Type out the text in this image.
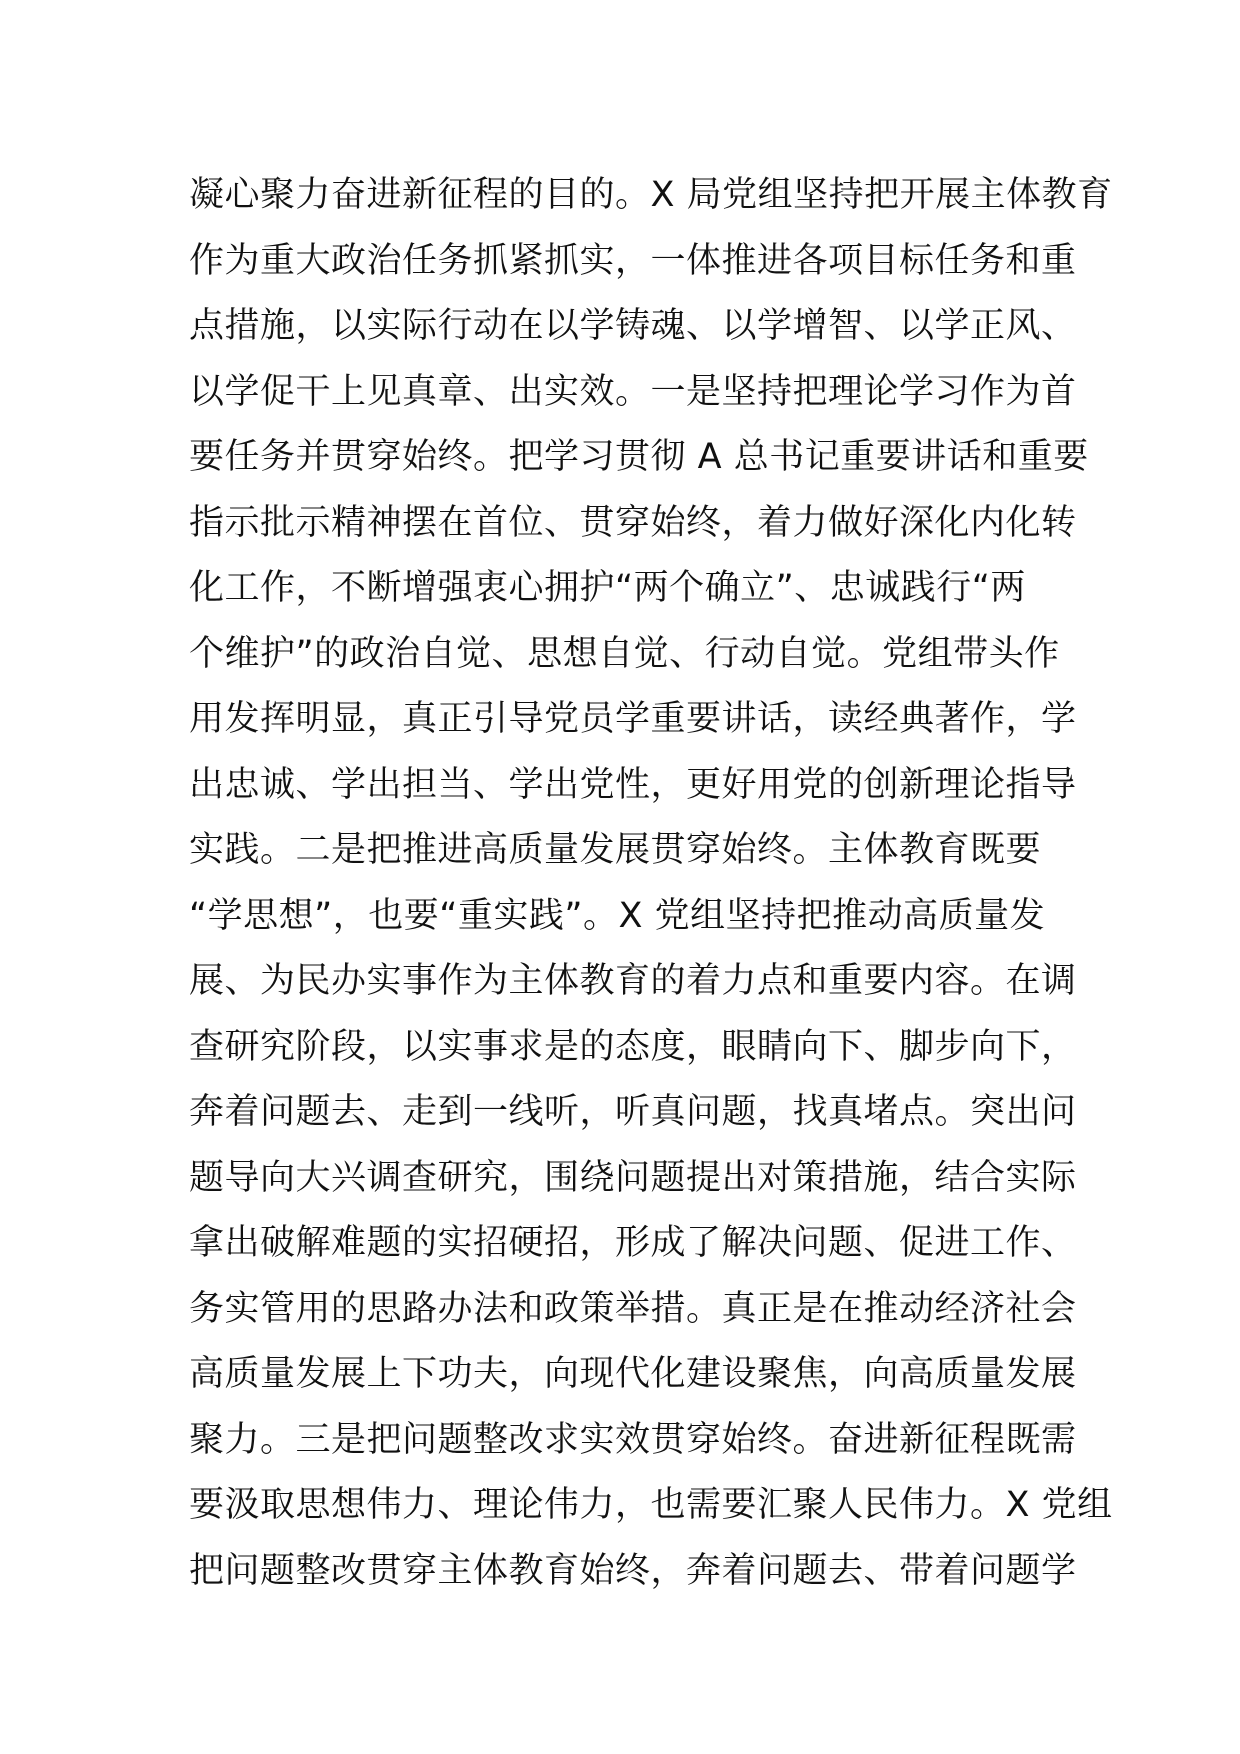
凝心聚力奋进新征程的目的。X 局党组坚持把开展主体教育
作为重大政治任务抓紧抓实，一体推进各项目标任务和重
点措施，以实际行动在以学铸魂、以学增智、以学正风、
以学促干上见真章、出实效。一是坚持把理论学习作为首
要任务并贯穿始终。把学习贯彻 A 总书记重要讲话和重要
指示批示精神摆在首位、贯穿始终，着力做好深化内化转
化工作，不断增强衷心拥护“两个确立”、忠诚践行“两
个维护”的政治自觉、思想自觉、行动自觉。党组带头作
用发挥明显，真正引导党员学重要讲话，读经典著作，学
出忠诚、学出担当、学出党性，更好用党的创新理论指导
实践。二是把推进高质量发展贯穿始终。主体教育既要
“学思想”，也要“重实践”。X 党组坚持把推动高质量发
展、为民办实事作为主体教育的着力点和重要内容。在调
查研究阶段，以实事求是的态度，眼睛向下、脚步向下，
奔着问题去、走到一线听，听真问题，找真堵点。突出问
题导向大兴调查研究，围绕问题提出对策措施，结合实际
拿出破解难题的实招硬招，形成了解决问题、促进工作、
务实管用的思路办法和政策举措。真正是在推动经济社会
高质量发展上下功夫，向现代化建设聚焦，向高质量发展
聚力。三是把问题整改求实效贯穿始终。奋进新征程既需
要汲取思想伟力、理论伟力，也需要汇聚人民伟力。X 党组
把问题整改贯穿主体教育始终，奔着问题去、带着问题学
